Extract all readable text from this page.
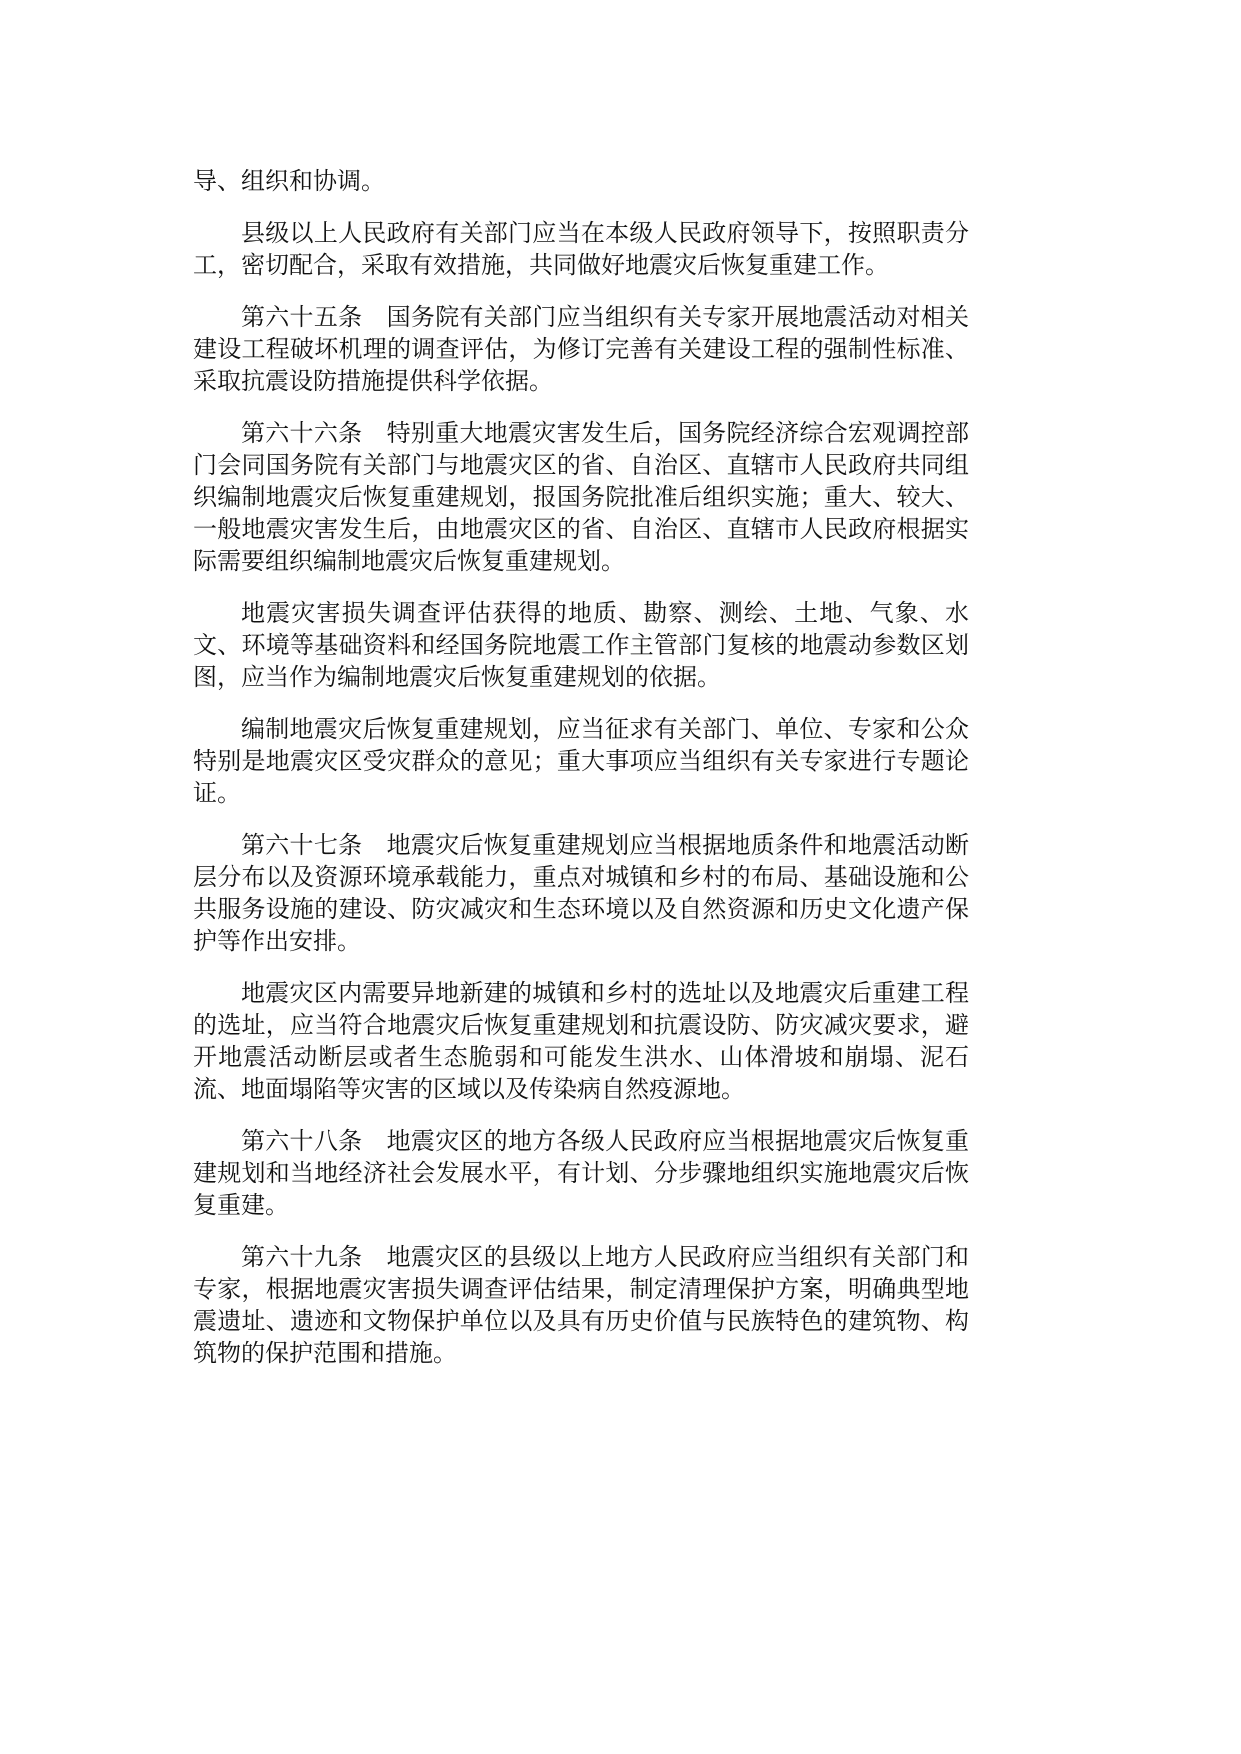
导、组织和协调。

县级以上人民政府有关部门应当在本级人民政府领导下，按照职责分工，密切配合，采取有效措施，共同做好地震灾后恢复重建工作。

第六十五条　国务院有关部门应当组织有关专家开展地震活动对相关建设工程破坏机理的调查评估，为修订完善有关建设工程的强制性标准、采取抗震设防措施提供科学依据。

第六十六条　特别重大地震灾害发生后，国务院经济综合宏观调控部门会同国务院有关部门与地震灾区的省、自治区、直辖市人民政府共同组织编制地震灾后恢复重建规划，报国务院批准后组织实施；重大、较大、一般地震灾害发生后，由地震灾区的省、自治区、直辖市人民政府根据实际需要组织编制地震灾后恢复重建规划。

地震灾害损失调查评估获得的地质、勘察、测绘、土地、气象、水文、环境等基础资料和经国务院地震工作主管部门复核的地震动参数区划图，应当作为编制地震灾后恢复重建规划的依据。

编制地震灾后恢复重建规划，应当征求有关部门、单位、专家和公众特别是地震灾区受灾群众的意见；重大事项应当组织有关专家进行专题论证。

第六十七条　地震灾后恢复重建规划应当根据地质条件和地震活动断层分布以及资源环境承载能力，重点对城镇和乡村的布局、基础设施和公共服务设施的建设、防灾减灾和生态环境以及自然资源和历史文化遗产保护等作出安排。

地震灾区内需要异地新建的城镇和乡村的选址以及地震灾后重建工程的选址，应当符合地震灾后恢复重建规划和抗震设防、防灾减灾要求，避开地震活动断层或者生态脆弱和可能发生洪水、山体滑坡和崩塌、泥石流、地面塌陷等灾害的区域以及传染病自然疫源地。

第六十八条　地震灾区的地方各级人民政府应当根据地震灾后恢复重建规划和当地经济社会发展水平，有计划、分步骤地组织实施地震灾后恢复重建。

第六十九条　地震灾区的县级以上地方人民政府应当组织有关部门和专家，根据地震灾害损失调查评估结果，制定清理保护方案，明确典型地震遗址、遗迹和文物保护单位以及具有历史价值与民族特色的建筑物、构筑物的保护范围和措施。
